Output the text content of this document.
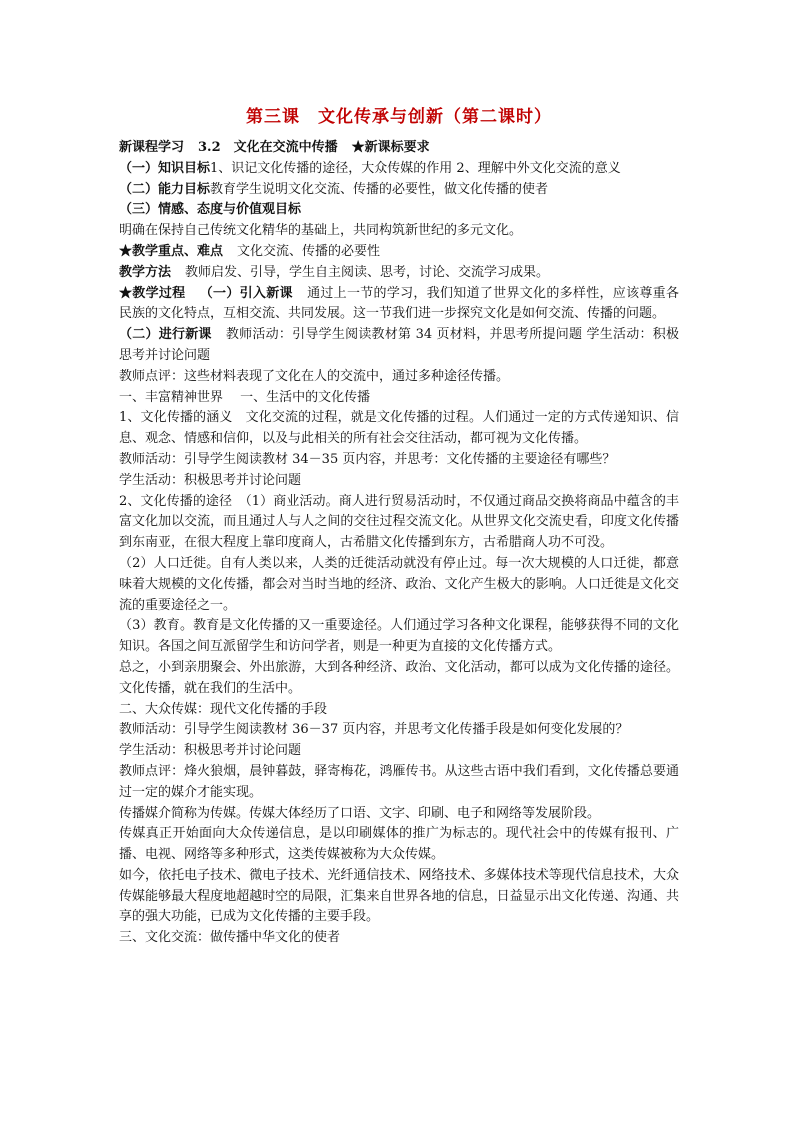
第三课　文化传承与创新（第二课时）

新课程学习 3.2　文化在交流中传播 ★新课标要求

（一）知识目标1、识记文化传播的途径，大众传媒的作用 2、理解中外文化交流的意义

（二）能力目标教育学生说明文化交流、传播的必要性，做文化传播的使者

（三）情感、态度与价值观目标

明确在保持自己传统文化精华的基础上，共同构筑新世纪的多元文化。

★教学重点、难点 文化交流、传播的必要性

教学方法 教师启发、引导，学生自主阅读、思考，讨论、交流学习成果。

★教学过程 （一）引入新课 通过上一节的学习，我们知道了世界文化的多样性，应该尊重各民族的文化特点，互相交流、共同发展。这一节我们进一步探究文化是如何交流、传播的问题。

（二）进行新课 教师活动：引导学生阅读教材第 34 页材料，并思考所提问题 学生活动：积极思考并讨论问题

教师点评：这些材料表现了文化在人的交流中，通过多种途径传播。

一、丰富精神世界　 一、生活中的文化传播

1、文化传播的涵义　文化交流的过程，就是文化传播的过程。人们通过一定的方式传递知识、信息、观念、情感和信仰，以及与此相关的所有社会交往活动，都可视为文化传播。

教师活动：引导学生阅读教材 34－35 页内容，并思考：文化传播的主要途径有哪些？

学生活动：积极思考并讨论问题

2、文化传播的途径　（1）商业活动。商人进行贸易活动时，不仅通过商品交换将商品中蕴含的丰富文化加以交流，而且通过人与人之间的交往过程交流文化。从世界文化交流史看，印度文化传播到东南亚，在很大程度上靠印度商人，古希腊文化传播到东方，古希腊商人功不可没。

（2）人口迁徙。自有人类以来，人类的迁徙活动就没有停止过。每一次大规模的人口迁徙，都意味着大规模的文化传播，都会对当时当地的经济、政治、文化产生极大的影响。人口迁徙是文化交流的重要途径之一。

（3）教育。教育是文化传播的又一重要途径。人们通过学习各种文化课程，能够获得不同的文化知识。各国之间互派留学生和访问学者，则是一种更为直接的文化传播方式。

总之，小到亲朋聚会、外出旅游，大到各种经济、政治、文化活动，都可以成为文化传播的途径。文化传播，就在我们的生活中。

二、大众传媒：现代文化传播的手段

教师活动：引导学生阅读教材 36－37 页内容，并思考文化传播手段是如何变化发展的？

学生活动：积极思考并讨论问题

教师点评：烽火狼烟，晨钟暮鼓，驿寄梅花，鸿雁传书。从这些古语中我们看到，文化传播总要通过一定的媒介才能实现。

传播媒介简称为传媒。传媒大体经历了口语、文字、印刷、电子和网络等发展阶段。

传媒真正开始面向大众传递信息，是以印刷媒体的推广为标志的。现代社会中的传媒有报刊、广播、电视、网络等多种形式，这类传媒被称为大众传媒。

如今，依托电子技术、微电子技术、光纤通信技术、网络技术、多媒体技术等现代信息技术，大众传媒能够最大程度地超越时空的局限，汇集来自世界各地的信息，日益显示出文化传递、沟通、共享的强大功能，已成为文化传播的主要手段。

三、文化交流：做传播中华文化的使者
